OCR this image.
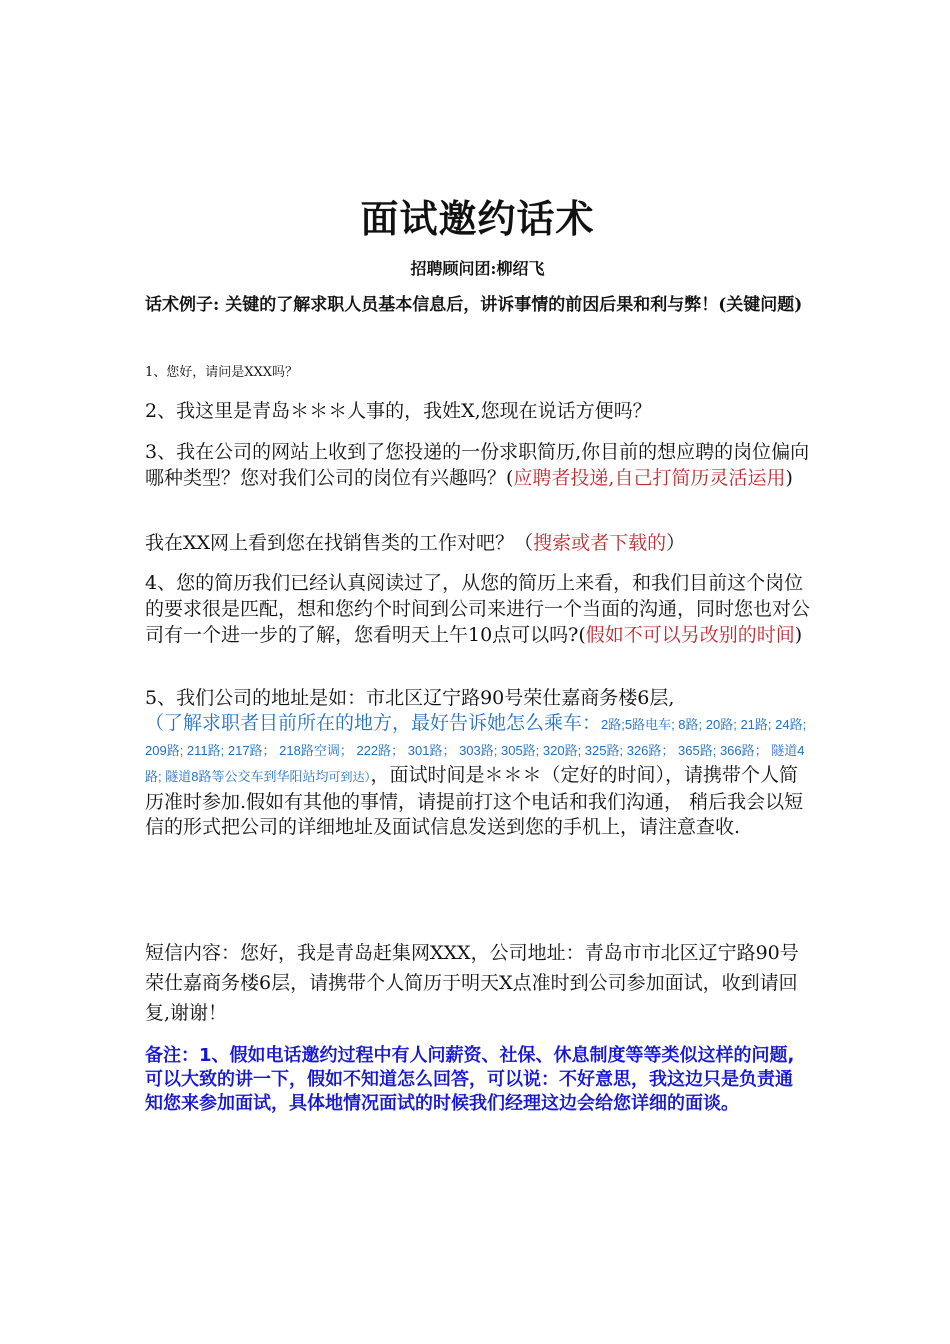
面试邀约话术
招聘顾问团:柳绍飞
话术例子: 关键的了解求职人员基本信息后，讲诉事情的前因后果和利与弊！(关键问题)
1、您好，请问是XXX吗？
2、我这里是青岛＊＊＊人事的，我姓X,您现在说话方便吗？
3、我在公司的网站上收到了您投递的一份求职简历,你目前的想应聘的岗位偏向哪种类型？您对我们公司的岗位有兴趣吗？(应聘者投递,自己打简历灵活运用)
我在XX网上看到您在找销售类的工作对吧？（搜索或者下载的）
4、您的简历我们已经认真阅读过了，从您的简历上来看，和我们目前这个岗位的要求很是匹配，想和您约个时间到公司来进行一个当面的沟通，同时您也对公司有一个进一步的了解，您看明天上午10点可以吗?(假如不可以另改别的时间)
5、我们公司的地址是如：市北区辽宁路90号荣仕嘉商务楼6层,
（了解求职者目前所在的地方，最好告诉她怎么乘车：2路;5路电车; 8路; 20路; 21路; 24路; 209路; 211路; 217路； 218路空调； 222路； 301路； 303路; 305路; 320路; 325路; 326路； 365路; 366路； 隧道4路; 隧道8路等公交车到华阳站均可到达），面试时间是＊＊＊（定好的时间），请携带个人简历准时参加.假如有其他的事情，请提前打这个电话和我们沟通， 稍后我会以短信的形式把公司的详细地址及面试信息发送到您的手机上，请注意查收.
短信内容：您好，我是青岛赶集网XXX，公司地址：青岛市市北区辽宁路90号荣仕嘉商务楼6层，请携带个人简历于明天X点准时到公司参加面试，收到请回复,谢谢！
备注：1、假如电话邀约过程中有人问薪资、社保、休息制度等等类似这样的问题,可以大致的讲一下，假如不知道怎么回答，可以说：不好意思，我这边只是负责通知您来参加面试，具体地情况面试的时候我们经理这边会给您详细的面谈。
